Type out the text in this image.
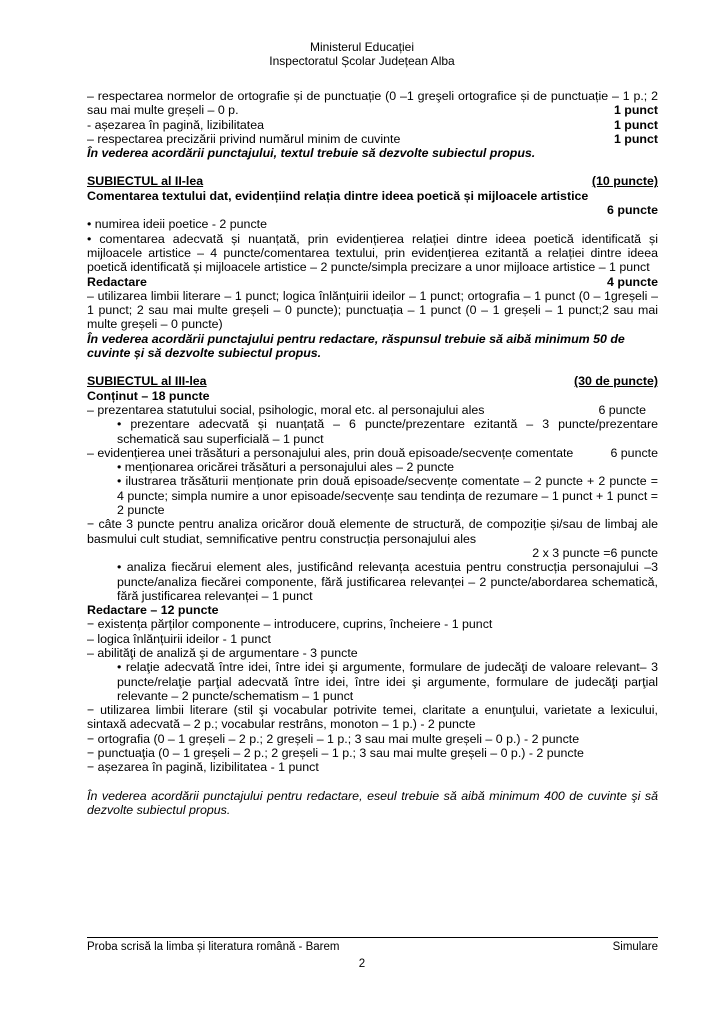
Ministerul Educației
Inspectoratul Școlar Județean Alba
– respectarea normelor de ortografie și de punctuație (0 –1 greşeli ortografice și de punctuație – 1 p.; 2 sau mai multe greșeli – 0 p.	1 punct
- așezarea în pagină, lizibilitatea	1 punct
– respectarea precizării privind numărul minim de cuvinte	1 punct
În vederea acordării punctajului, textul trebuie să dezvolte subiectul propus.
SUBIECTUL al II-lea	(10 puncte)
Comentarea textului dat, evidențiind relația dintre ideea poetică și mijloacele artistice
6 puncte
• numirea ideii poetice - 2 puncte
• comentarea adecvată și nuanțată, prin evidențierea relației dintre ideea poetică identificată și mijloacele artistice – 4 puncte/comentarea textului, prin evidențierea ezitantă a relației dintre ideea poetică identificată și mijloacele artistice – 2 puncte/simpla precizare a unor mijloace artistice – 1 punct
Redactare	4 puncte
– utilizarea limbii literare – 1 punct; logica înlănțuirii ideilor – 1 punct; ortografia – 1 punct (0 – 1greșeli – 1 punct; 2 sau mai multe greșeli – 0 puncte); punctuația – 1 punct (0 – 1 greșeli – 1 punct;2 sau mai multe greșeli – 0 puncte)
În vederea acordării punctajului pentru redactare, răspunsul trebuie să aibă minimum 50 de cuvinte și să dezvolte subiectul propus.
SUBIECTUL al III-lea	(30 de puncte)
Conținut – 18 puncte
– prezentarea statutului social, psihologic, moral etc. al personajului ales	6 puncte
• prezentare adecvată și nuanțată – 6 puncte/prezentare ezitantă – 3 puncte/prezentare schematică sau superficială – 1 punct
– evidențierea unei trăsături a personajului ales, prin două episoade/secvențe comentate	6 puncte
• menționarea oricărei trăsături a personajului ales – 2 puncte
• ilustrarea trăsăturii menționate prin două episoade/secvențe comentate – 2 puncte + 2 puncte = 4 puncte; simpla numire a unor episoade/secvențe sau tendința de rezumare – 1 punct + 1 punct = 2 puncte
− câte 3 puncte pentru analiza oricăror două elemente de structură, de compoziție și/sau de limbaj ale basmului cult studiat, semnificative pentru construcția personajului ales
2 x 3 puncte =6 puncte
• analiza fiecărui element ales, justificând relevanța acestuia pentru construcția personajului –3 puncte/analiza fiecărei componente, fără justificarea relevanței – 2 puncte/abordarea schematică, fără justificarea relevanței – 1 punct
Redactare – 12 puncte
− existența părților componente – introducere, cuprins, încheiere - 1 punct
– logica înlănțuirii ideilor - 1 punct
– abilităţi de analiză şi de argumentare - 3 puncte
• relaţie adecvată între idei, între idei şi argumente, formulare de judecăţi de valoare relevant– 3 puncte/relaţie parţial adecvată între idei, între idei şi argumente, formulare de judecăţi parţial relevante – 2 puncte/schematism – 1 punct
− utilizarea limbii literare (stil şi vocabular potrivite temei, claritate a enunţului, varietate a lexicului, sintaxă adecvată – 2 p.; vocabular restrâns, monoton – 1 p.) - 2 puncte
− ortografia (0 – 1 greșeli – 2 p.; 2 greșeli – 1 p.; 3 sau mai multe greșeli – 0 p.) - 2 puncte
− punctuaţia (0 – 1 greșeli – 2 p.; 2 greșeli – 1 p.; 3 sau mai multe greșeli – 0 p.) - 2 puncte
− așezarea în pagină, lizibilitatea - 1 punct
În vederea acordării punctajului pentru redactare, eseul trebuie să aibă minimum 400 de cuvinte şi să dezvolte subiectul propus.
Proba scrisă la limba și literatura română - Barem	Simulare
2
